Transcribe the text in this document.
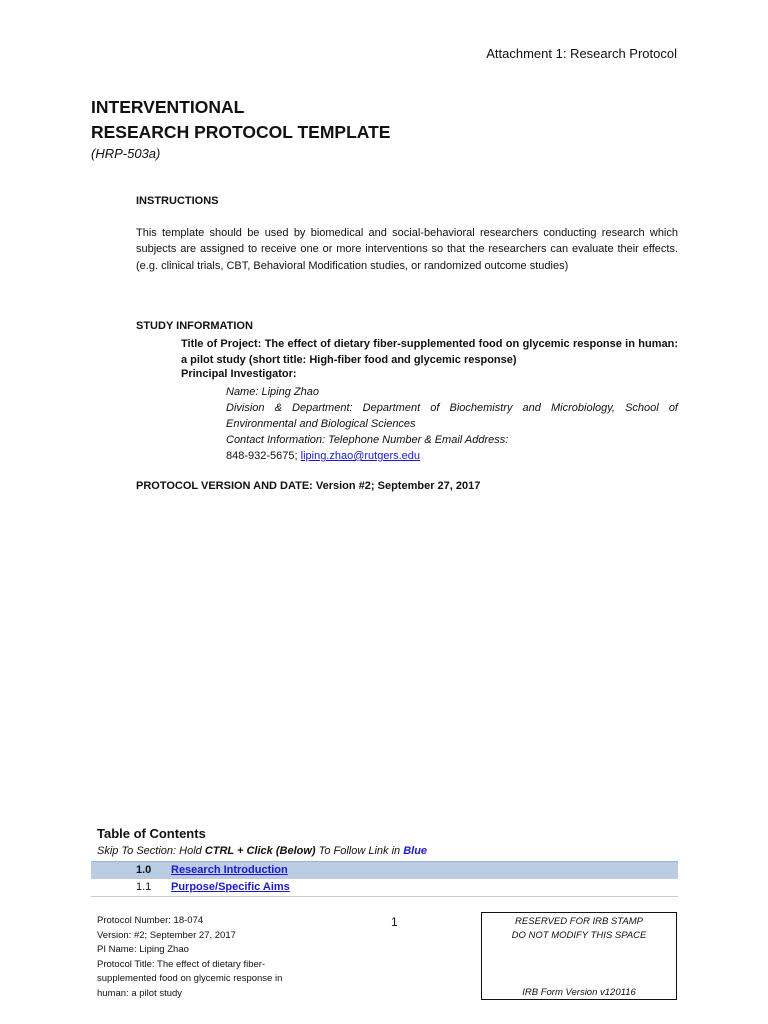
Attachment 1: Research Protocol
INTERVENTIONAL
RESEARCH PROTOCOL TEMPLATE
(HRP-503a)
INSTRUCTIONS
This template should be used by biomedical and social-behavioral researchers conducting research which subjects are assigned to receive one or more interventions so that the researchers can evaluate their effects. (e.g. clinical trials, CBT, Behavioral Modification studies, or randomized outcome studies)
STUDY INFORMATION
Title of Project: The effect of dietary fiber-supplemented food on glycemic response in human: a pilot study (short title: High-fiber food and glycemic response)
Principal Investigator:
Name: Liping Zhao
Division & Department: Department of Biochemistry and Microbiology, School of Environmental and Biological Sciences
Contact Information: Telephone Number & Email Address:
848-932-5675; liping.zhao@rutgers.edu
PROTOCOL VERSION AND DATE: Version #2; September 27, 2017
Table of Contents
Skip To Section: Hold CTRL + Click (Below) To Follow Link in Blue
1.0 Research Introduction
1.1 Purpose/Specific Aims
Protocol Number: 18-074
Version: #2; September 27, 2017
PI Name: Liping Zhao
Protocol Title: The effect of dietary fiber-supplemented food on glycemic response in human: a pilot study
1	RESERVED FOR IRB STAMP
DO NOT MODIFY THIS SPACE
IRB Form Version v120116
